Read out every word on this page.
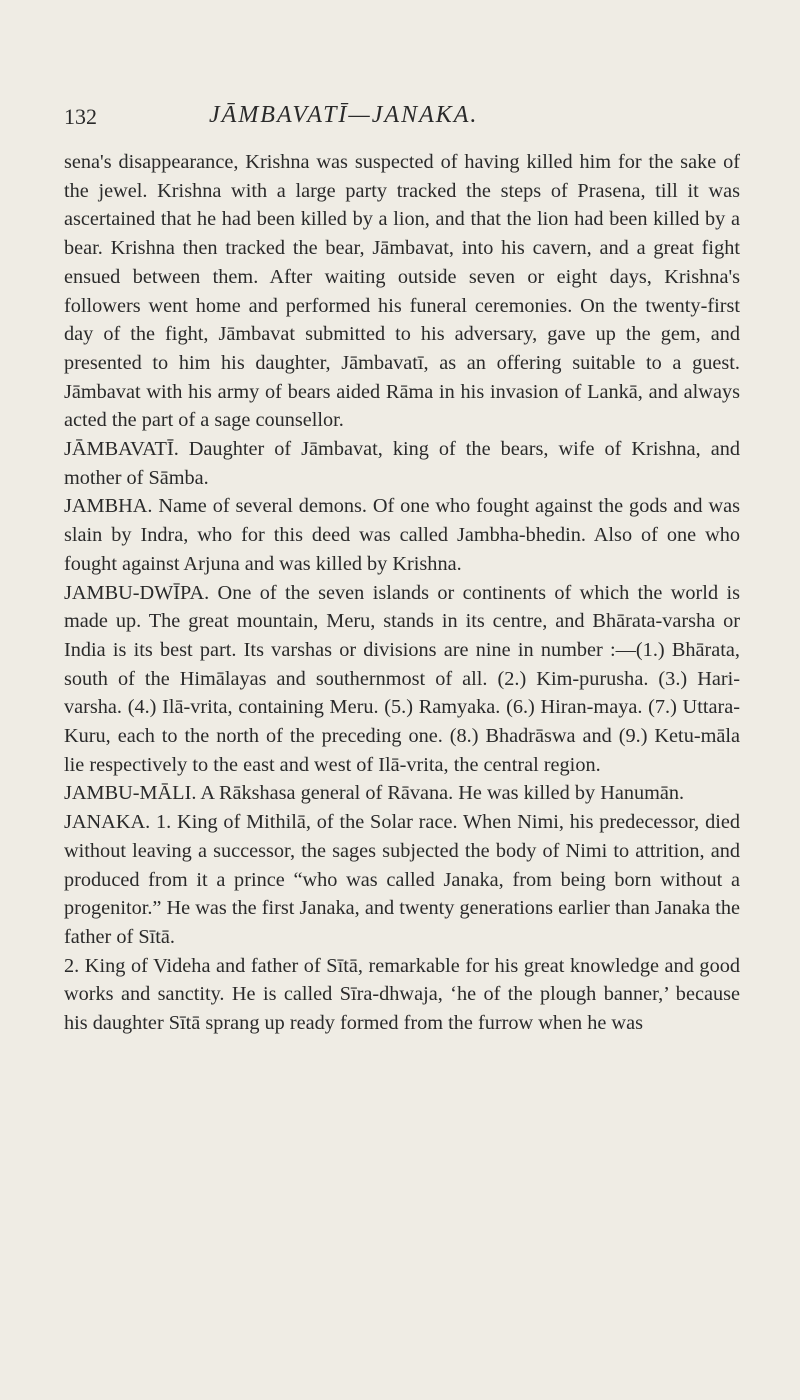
132	JĀMBAVATĪ—JANAKA.

sena's disappearance, Krishna was suspected of having killed him for the sake of the jewel. Krishna with a large party tracked the steps of Prasena, till it was ascertained that he had been killed by a lion, and that the lion had been killed by a bear. Krishna then tracked the bear, Jāmbavat, into his cavern, and a great fight ensued between them. After waiting outside seven or eight days, Krishna's followers went home and performed his funeral ceremonies. On the twenty-first day of the fight, Jāmbavat submitted to his adversary, gave up the gem, and presented to him his daughter, Jāmbavatī, as an offering suitable to a guest. Jāmbavat with his army of bears aided Rāma in his invasion of Lankā, and always acted the part of a sage counsellor.

JĀMBAVATĪ. Daughter of Jāmbavat, king of the bears, wife of Krishna, and mother of Sāmba.

JAMBHA. Name of several demons. Of one who fought against the gods and was slain by Indra, who for this deed was called Jambha-bhedin. Also of one who fought against Arjuna and was killed by Krishna.

JAMBU-DWĪPA. One of the seven islands or continents of which the world is made up. The great mountain, Meru, stands in its centre, and Bhārata-varsha or India is its best part. Its varshas or divisions are nine in number :—(1.) Bhārata, south of the Himālayas and southernmost of all. (2.) Kim-purusha. (3.) Hari-varsha. (4.) Ilā-vrita, containing Meru. (5.) Ramyaka. (6.) Hiran-maya. (7.) Uttara-Kuru, each to the north of the preceding one. (8.) Bhadrāswa and (9.) Ketu-māla lie respectively to the east and west of Ilā-vrita, the central region.

JAMBU-MĀLI. A Rākshasa general of Rāvana. He was killed by Hanumān.

JANAKA. 1. King of Mithilā, of the Solar race. When Nimi, his predecessor, died without leaving a successor, the sages subjected the body of Nimi to attrition, and produced from it a prince “who was called Janaka, from being born without a progenitor.” He was the first Janaka, and twenty generations earlier than Janaka the father of Sītā.

2. King of Videha and father of Sītā, remarkable for his great knowledge and good works and sanctity. He is called Sīra-dhwaja, ‘he of the plough banner,’ because his daughter Sītā sprang up ready formed from the furrow when he was
